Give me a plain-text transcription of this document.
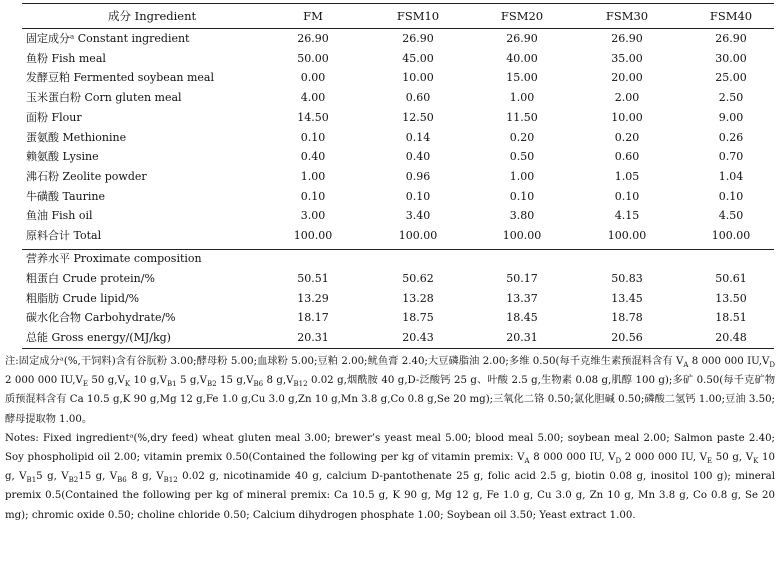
成分 Ingredient	FM	FSM10	FSM20	FSM30	FSM40
固定成分ᵃ Constant ingredient	26.90	26.90	26.90	26.90	26.90
鱼粉 Fish meal	50.00	45.00	40.00	35.00	30.00
发酵豆粕 Fermented soybean meal	0.00	10.00	15.00	20.00	25.00
玉米蛋白粉 Corn gluten meal	4.00	0.60	1.00	2.00	2.50
面粉 Flour	14.50	12.50	11.50	10.00	9.00
蛋氨酸 Methionine	0.10	0.14	0.20	0.20	0.26
赖氨酸 Lysine	0.40	0.40	0.50	0.60	0.70
沸石粉 Zeolite powder	1.00	0.96	1.00	1.05	1.04
牛磺酸 Taurine	0.10	0.10	0.10	0.10	0.10
鱼油 Fish oil	3.00	3.40	3.80	4.15	4.50
原料合计 Total	100.00	100.00	100.00	100.00	100.00
营养水平 Proximate composition
粗蛋白 Crude protein/%	50.51	50.62	50.17	50.83	50.61
粗脂肪 Crude lipid/%	13.29	13.28	13.37	13.45	13.50
碳水化合物 Carbohydrate/%	18.17	18.75	18.45	18.78	18.51
总能 Gross energy/(MJ/kg)	20.31	20.43	20.31	20.56	20.48

注:固定成分ᵃ(%,干饲料)含有谷朊粉 3.00;酵母粉 5.00;血球粉 5.00;豆粕 2.00;鱿鱼膏 2.40;大豆磷脂油 2.00;多维 0.50(每千克维生素预混料含有 $V_A$ 8 000 000 $IU,V_D$ 2 000 000 $IU,V_E$ 50 $g,V_K$ 10 $g,V_{B1}$ 5 $g,V_{B2}$ 15 $g,V_{B6}$ 8 $g,V_{B12}$ 0.02 g,烟酰胺 40 g,D-泛酸钙 25 g、叶酸 2.5 g,生物素 0.08 g,肌醇 100 g);多矿 0.50(每千克矿物质预混料含有 Ca 10.5 g,K 90 g,Mg 12 g,Fe 1.0 g,Cu 3.0 g,Zn 10 g,Mn 3.8 g,Co 0.8 g,Se 20 mg);三氧化二铬 0.50;氯化胆碱 0.50;磷酸二氢钙 1.00;豆油 3.50;酵母提取物 1.00。

Notes: Fixed ingredientᵃ(%,dry feed) wheat gluten meal 3.00; brewer’s yeast meal 5.00; blood meal 5.00; soybean meal 2.00; Salmon paste 2.40; Soy phospholipid oil 2.00; vitamin premix 0.50(Contained the following per kg of vitamin premix: $V_A$ 8 000 000 IU, $V_D$ 2 000 000 IU, $V_E$ 50 g, $V_K$ 10 g, $V_{B1}5$ g, $V_{B2}15$ g, $V_{B6}$ 8 g, $V_{B12}$ 0.02 g, nicotinamide 40 g, calcium D-pantothenate 25 g, folic acid 2.5 g, biotin 0.08 g, inositol 100 g); mineral premix 0.5(Contained the following per kg of mineral premix: Ca 10.5 g, K 90 g, Mg 12 g, Fe 1.0 g, Cu 3.0 g, Zn 10 g, Mn 3.8 g, Co 0.8 g, Se 20 mg); chromic oxide 0.50; choline chloride 0.50; Calcium dihydrogen phosphate 1.00; Soybean oil 3.50; Yeast extract 1.00.
